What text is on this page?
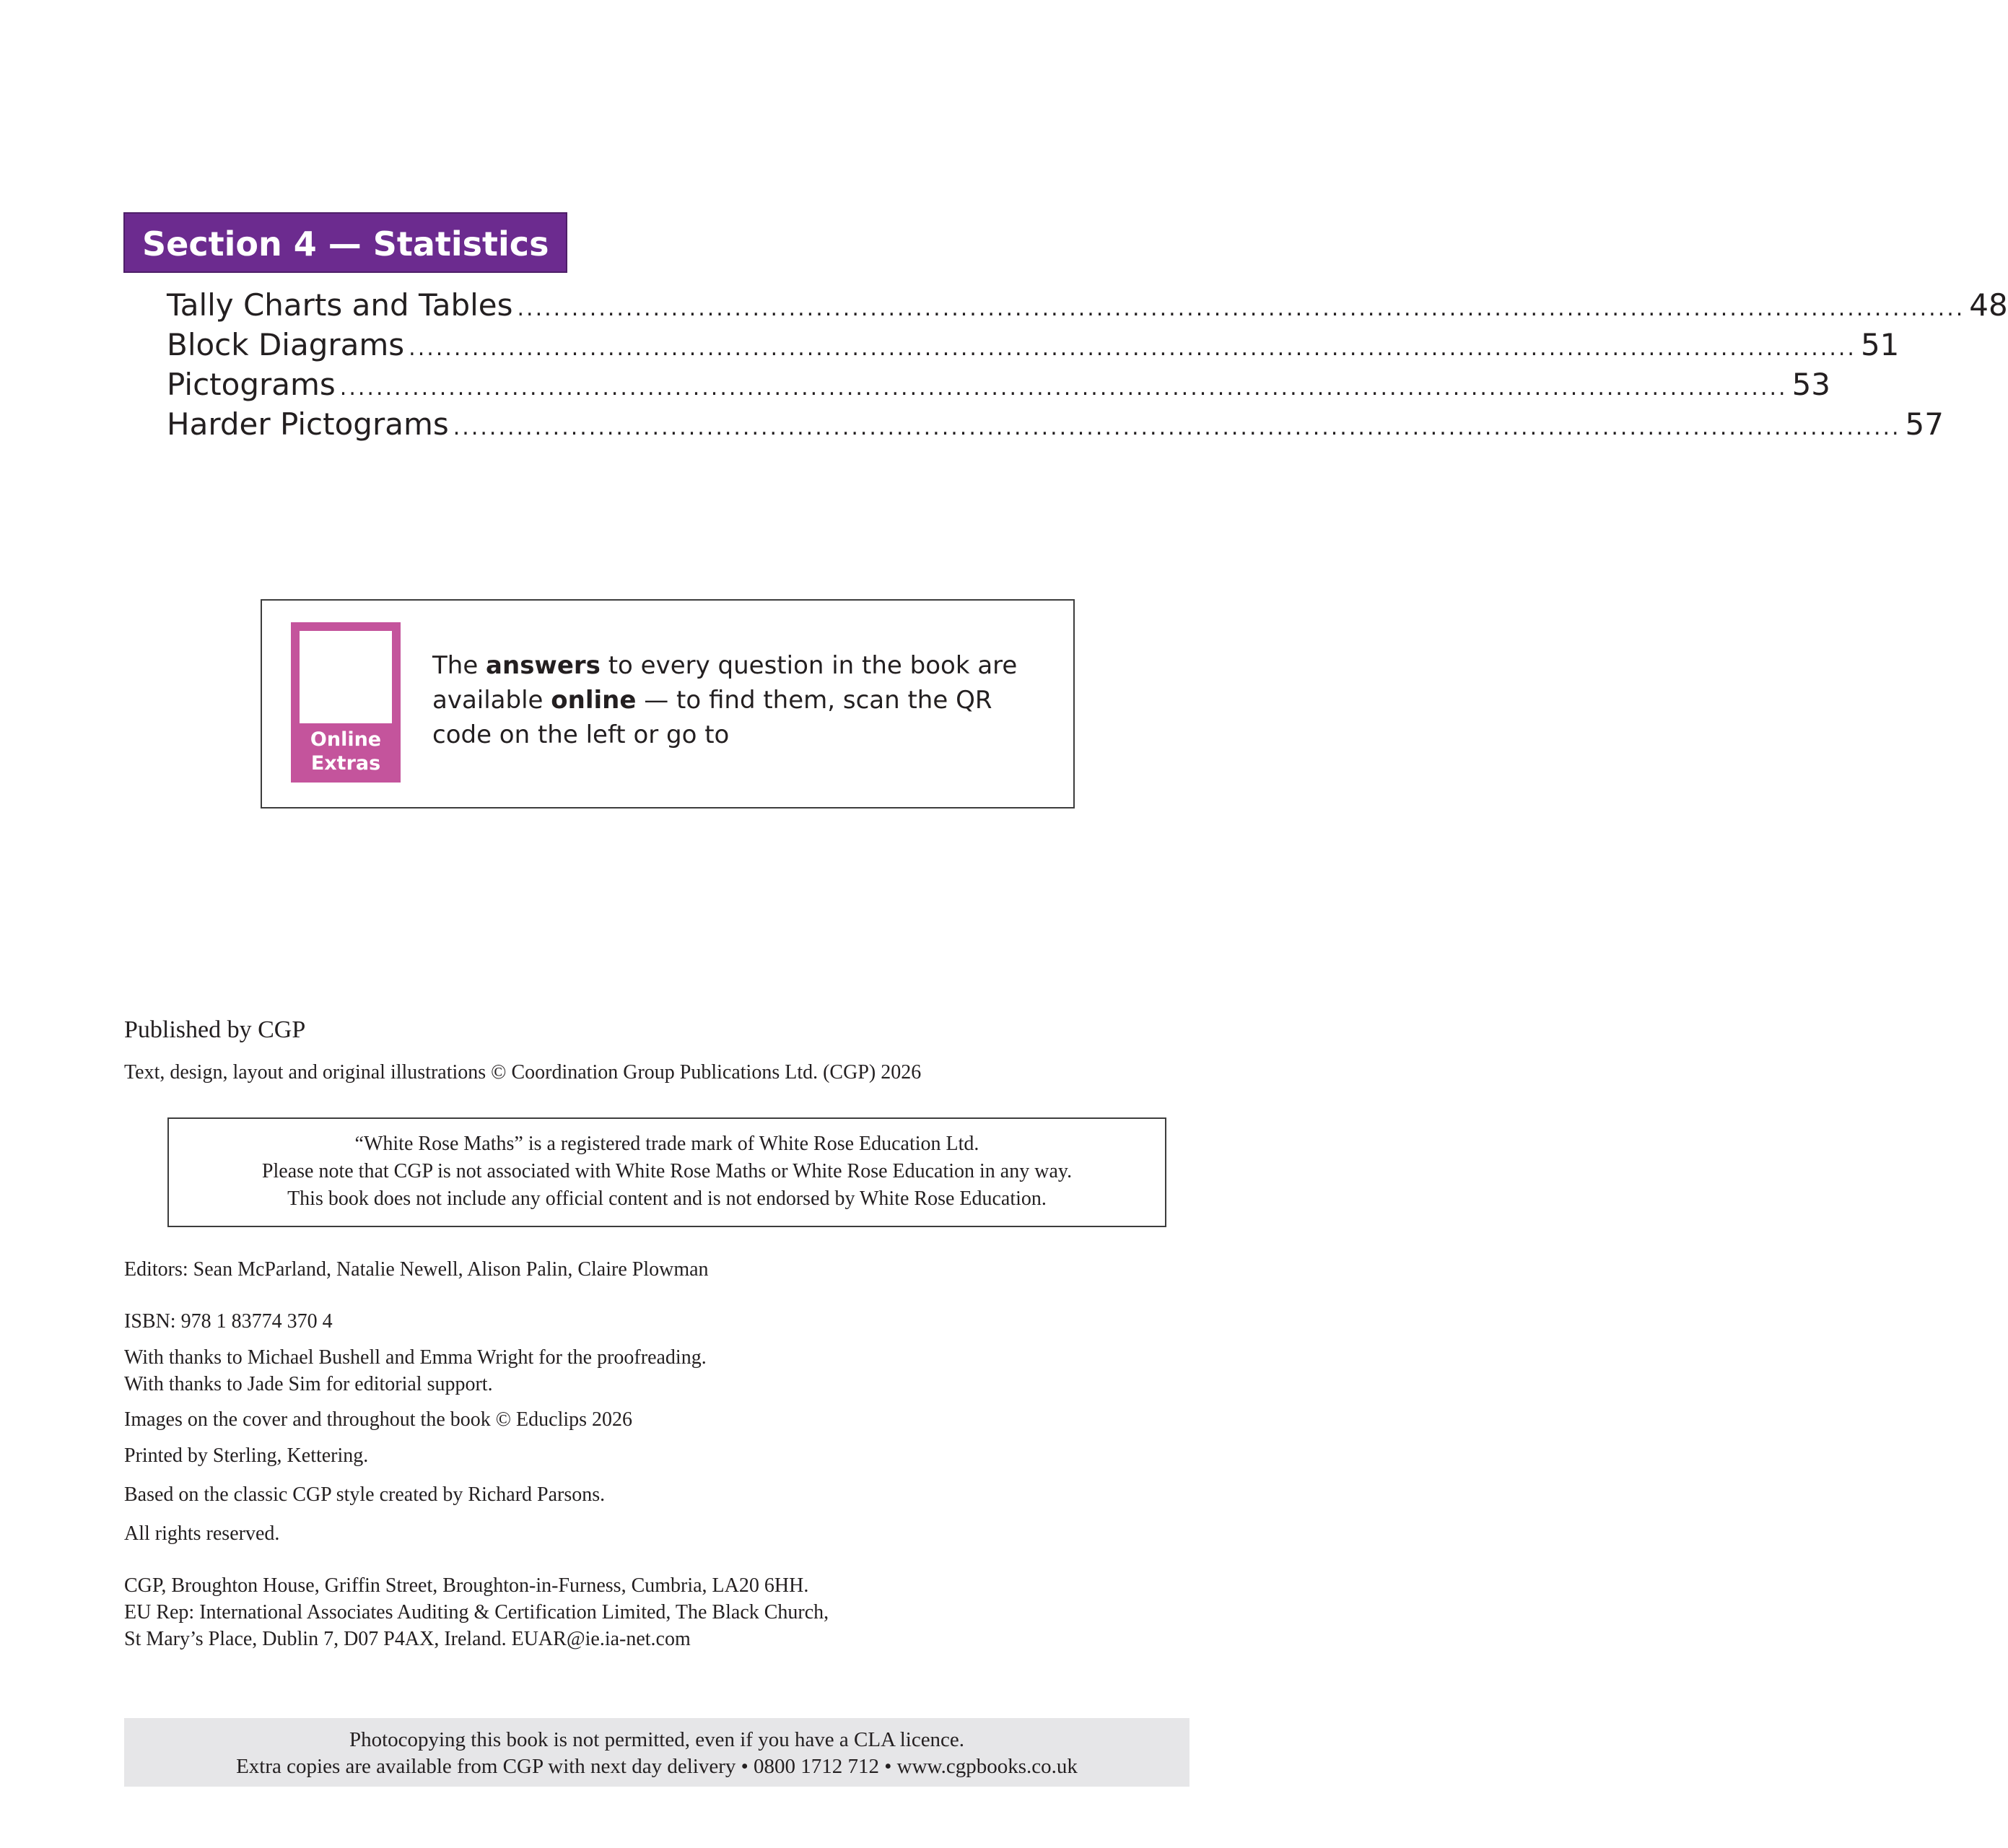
Section 4 — Statistics
Tally Charts and Tables ................................................................................................................................................................ 48
Block Diagrams ................................................................................................................................................................ 51
Pictograms ................................................................................................................................................................ 53
Harder Pictograms ................................................................................................................................................................ 57
Online
Extras
The answers to every question in the book are available online — to find them, scan the QR code on the left or go to
Published by CGP
Text, design, layout and original illustrations © Coordination Group Publications Ltd. (CGP) 2026
“White Rose Maths” is a registered trade mark of White Rose Education Ltd.
Please note that CGP is not associated with White Rose Maths or White Rose Education in any way.
This book does not include any official content and is not endorsed by White Rose Education.
Editors: Sean McParland, Natalie Newell, Alison Palin, Claire Plowman
ISBN: 978 1 83774 370 4
With thanks to Michael Bushell and Emma Wright for the proofreading.
With thanks to Jade Sim for editorial support.
Images on the cover and throughout the book © Educlips 2026
Printed by Sterling, Kettering.
Based on the classic CGP style created by Richard Parsons.
All rights reserved.
CGP, Broughton House, Griffin Street, Broughton-in-Furness, Cumbria, LA20 6HH.
EU Rep: International Associates Auditing & Certification Limited, The Black Church,
St Mary’s Place, Dublin 7, D07 P4AX, Ireland. EUAR@ie.ia-net.com
Photocopying this book is not permitted, even if you have a CLA licence.
Extra copies are available from CGP with next day delivery • 0800 1712 712 • www.cgpbooks.co.uk
